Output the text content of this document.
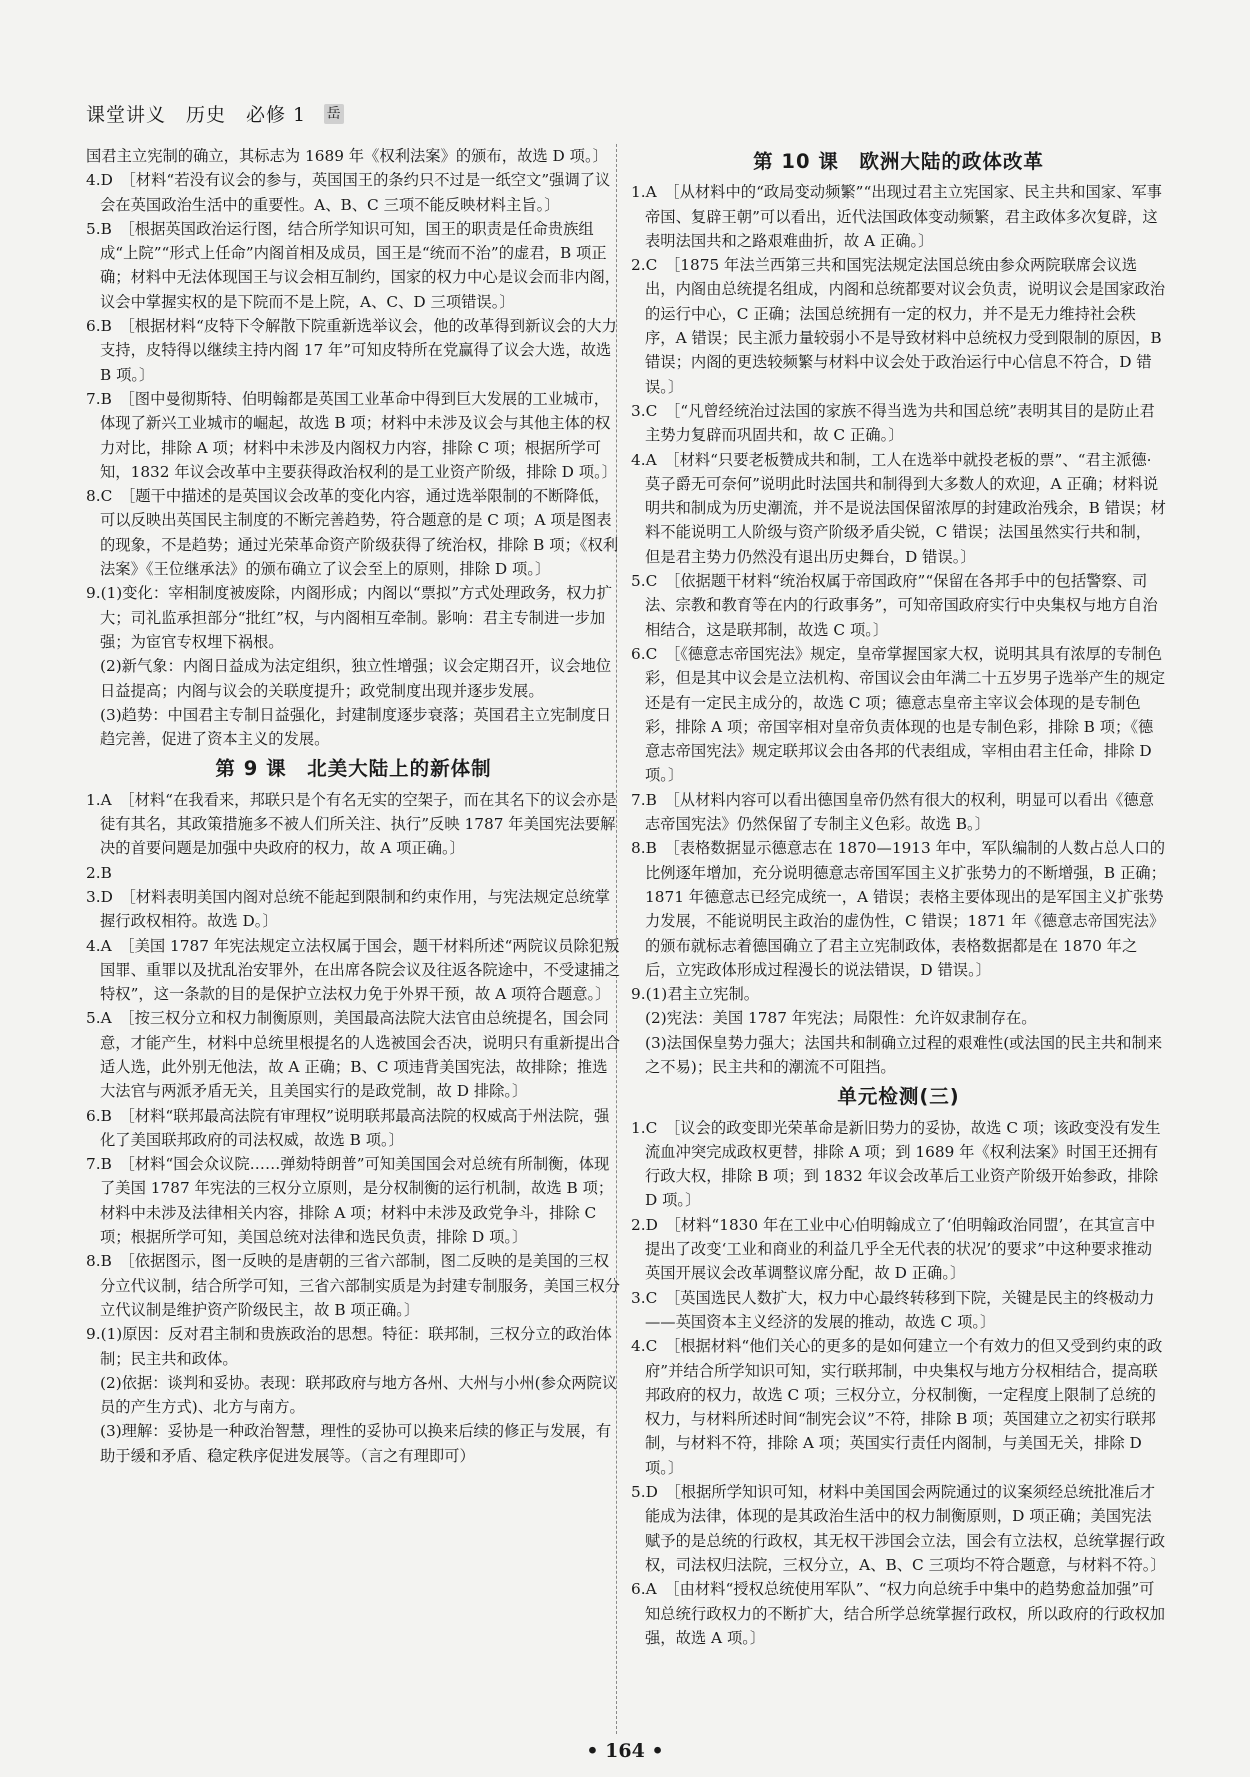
课堂讲义　历史　必修 1 岳

国君主立宪制的确立，其标志为 1689 年《权利法案》的颁布，故选 D 项。〕

4.D　［材料“若没有议会的参与，英国国王的条约只不过是一纸空文”强调了议会在英国政治生活中的重要性。A、B、C 三项不能反映材料主旨。〕

5.B　［根据英国政治运行图，结合所学知识可知，国王的职责是任命贵族组成“上院”“形式上任命”内阁首相及成员，国王是“统而不治”的虚君，B 项正确；材料中无法体现国王与议会相互制约，国家的权力中心是议会而非内阁，议会中掌握实权的是下院而不是上院，A、C、D 三项错误。〕

6.B　［根据材料“皮特下令解散下院重新选举议会，他的改革得到新议会的大力支持，皮特得以继续主持内阁 17 年”可知皮特所在党赢得了议会大选，故选 B 项。〕

7.B　［图中曼彻斯特、伯明翰都是英国工业革命中得到巨大发展的工业城市，体现了新兴工业城市的崛起，故选 B 项；材料中未涉及议会与其他主体的权力对比，排除 A 项；材料中未涉及内阁权力内容，排除 C 项；根据所学可知，1832 年议会改革中主要获得政治权利的是工业资产阶级，排除 D 项。〕

8.C　［题干中描述的是英国议会改革的变化内容，通过选举限制的不断降低，可以反映出英国民主制度的不断完善趋势，符合题意的是 C 项；A 项是图表的现象，不是趋势；通过光荣革命资产阶级获得了统治权，排除 B 项；《权利法案》《王位继承法》的颁布确立了议会至上的原则，排除 D 项。〕

9.(1)变化：宰相制度被废除，内阁形成；内阁以“票拟”方式处理政务，权力扩大；司礼监承担部分“批红”权，与内阁相互牵制。影响：君主专制进一步加强；为宦官专权埋下祸根。

(2)新气象：内阁日益成为法定组织，独立性增强；议会定期召开，议会地位日益提高；内阁与议会的关联度提升；政党制度出现并逐步发展。

(3)趋势：中国君主专制日益强化，封建制度逐步衰落；英国君主立宪制度日趋完善，促进了资本主义的发展。

第 9 课　北美大陆上的新体制

1.A　［材料“在我看来，邦联只是个有名无实的空架子，而在其名下的议会亦是徒有其名，其政策措施多不被人们所关注、执行”反映 1787 年美国宪法要解决的首要问题是加强中央政府的权力，故 A 项正确。〕

2.B

3.D　［材料表明美国内阁对总统不能起到限制和约束作用，与宪法规定总统掌握行政权相符。故选 D。〕

4.A　［美国 1787 年宪法规定立法权属于国会，题干材料所述“两院议员除犯叛国罪、重罪以及扰乱治安罪外，在出席各院会议及往返各院途中，不受逮捕之特权”，这一条款的目的是保护立法权力免于外界干预，故 A 项符合题意。〕

5.A　［按三权分立和权力制衡原则，美国最高法院大法官由总统提名，国会同意，才能产生，材料中总统里根提名的人选被国会否决，说明只有重新提出合适人选，此外别无他法，故 A 正确；B、C 项违背美国宪法，故排除；推选大法官与两派矛盾无关，且美国实行的是政党制，故 D 排除。〕

6.B　［材料“联邦最高法院有审理权”说明联邦最高法院的权威高于州法院，强化了美国联邦政府的司法权威，故选 B 项。〕

7.B　［材料“国会众议院……弹劾特朗普”可知美国国会对总统有所制衡，体现了美国 1787 年宪法的三权分立原则，是分权制衡的运行机制，故选 B 项；材料中未涉及法律相关内容，排除 A 项；材料中未涉及政党争斗，排除 C 项；根据所学可知，美国总统对法律和选民负责，排除 D 项。〕

8.B　［依据图示，图一反映的是唐朝的三省六部制，图二反映的是美国的三权分立代议制，结合所学可知，三省六部制实质是为封建专制服务，美国三权分立代议制是维护资产阶级民主，故 B 项正确。〕

9.(1)原因：反对君主制和贵族政治的思想。特征：联邦制，三权分立的政治体制；民主共和政体。

(2)依据：谈判和妥协。表现：联邦政府与地方各州、大州与小州(参众两院议员的产生方式)、北方与南方。

(3)理解：妥协是一种政治智慧，理性的妥协可以换来后续的修正与发展，有助于缓和矛盾、稳定秩序促进发展等。（言之有理即可）

第 10 课　欧洲大陆的政体改革

1.A　［从材料中的“政局变动频繁”“出现过君主立宪国家、民主共和国家、军事帝国、复辟王朝”可以看出，近代法国政体变动频繁，君主政体多次复辟，这表明法国共和之路艰难曲折，故 A 正确。〕

2.C　［1875 年法兰西第三共和国宪法规定法国总统由参众两院联席会议选出，内阁由总统提名组成，内阁和总统都要对议会负责，说明议会是国家政治的运行中心，C 正确；法国总统拥有一定的权力，并不是无力维持社会秩序，A 错误；民主派力量较弱小不是导致材料中总统权力受到限制的原因，B 错误；内阁的更迭较频繁与材料中议会处于政治运行中心信息不符合，D 错误。〕

3.C　［“凡曾经统治过法国的家族不得当选为共和国总统”表明其目的是防止君主势力复辟而巩固共和，故 C 正确。〕

4.A　［材料“只要老板赞成共和制，工人在选举中就投老板的票”、“君主派德·莫子爵无可奈何”说明此时法国共和制得到大多数人的欢迎，A 正确；材料说明共和制成为历史潮流，并不是说法国保留浓厚的封建政治残余，B 错误；材料不能说明工人阶级与资产阶级矛盾尖锐，C 错误；法国虽然实行共和制，但是君主势力仍然没有退出历史舞台，D 错误。〕

5.C　［依据题干材料“统治权属于帝国政府”“保留在各邦手中的包括警察、司法、宗教和教育等在内的行政事务”，可知帝国政府实行中央集权与地方自治相结合，这是联邦制，故选 C 项。〕

6.C　［《德意志帝国宪法》规定，皇帝掌握国家大权，说明其具有浓厚的专制色彩，但是其中议会是立法机构、帝国议会由年满二十五岁男子选举产生的规定还是有一定民主成分的，故选 C 项；德意志皇帝主宰议会体现的是专制色彩，排除 A 项；帝国宰相对皇帝负责体现的也是专制色彩，排除 B 项；《德意志帝国宪法》规定联邦议会由各邦的代表组成，宰相由君主任命，排除 D 项。〕

7.B　［从材料内容可以看出德国皇帝仍然有很大的权利，明显可以看出《德意志帝国宪法》仍然保留了专制主义色彩。故选 B。〕

8.B　［表格数据显示德意志在 1870—1913 年中，军队编制的人数占总人口的比例逐年增加，充分说明德意志帝国军国主义扩张势力的不断增强，B 正确；1871 年德意志已经完成统一，A 错误；表格主要体现出的是军国主义扩张势力发展，不能说明民主政治的虚伪性，C 错误；1871 年《德意志帝国宪法》的颁布就标志着德国确立了君主立宪制政体，表格数据都是在 1870 年之后，立宪政体形成过程漫长的说法错误，D 错误。〕

9.(1)君主立宪制。

(2)宪法：美国 1787 年宪法；局限性：允许奴隶制存在。

(3)法国保皇势力强大；法国共和制确立过程的艰难性(或法国的民主共和制来之不易)；民主共和的潮流不可阻挡。

单元检测(三)

1.C　［议会的政变即光荣革命是新旧势力的妥协，故选 C 项；该政变没有发生流血冲突完成政权更替，排除 A 项；到 1689 年《权利法案》时国王还拥有行政大权，排除 B 项；到 1832 年议会改革后工业资产阶级开始参政，排除 D 项。〕

2.D　［材料“1830 年在工业中心伯明翰成立了‘伯明翰政治同盟’，在其宣言中提出了改变‘工业和商业的利益几乎全无代表的状况’的要求”中这种要求推动英国开展议会改革调整议席分配，故 D 正确。〕

3.C　［英国选民人数扩大，权力中心最终转移到下院，关键是民主的终极动力——英国资本主义经济的发展的推动，故选 C 项。〕

4.C　［根据材料“他们关心的更多的是如何建立一个有效力的但又受到约束的政府”并结合所学知识可知，实行联邦制，中央集权与地方分权相结合，提高联邦政府的权力，故选 C 项；三权分立，分权制衡，一定程度上限制了总统的权力，与材料所述时间“制宪会议”不符，排除 B 项；英国建立之初实行联邦制，与材料不符，排除 A 项；英国实行责任内阁制，与美国无关，排除 D 项。〕

5.D　［根据所学知识可知，材料中美国国会两院通过的议案须经总统批准后才能成为法律，体现的是其政治生活中的权力制衡原则，D 项正确；美国宪法赋予的是总统的行政权，其无权干涉国会立法，国会有立法权，总统掌握行政权，司法权归法院，三权分立，A、B、C 三项均不符合题意，与材料不符。〕

6.A　［由材料“授权总统使用军队”、“权力向总统手中集中的趋势愈益加强”可知总统行政权力的不断扩大，结合所学总统掌握行政权，所以政府的行政权加强，故选 A 项。〕

• 164 •
